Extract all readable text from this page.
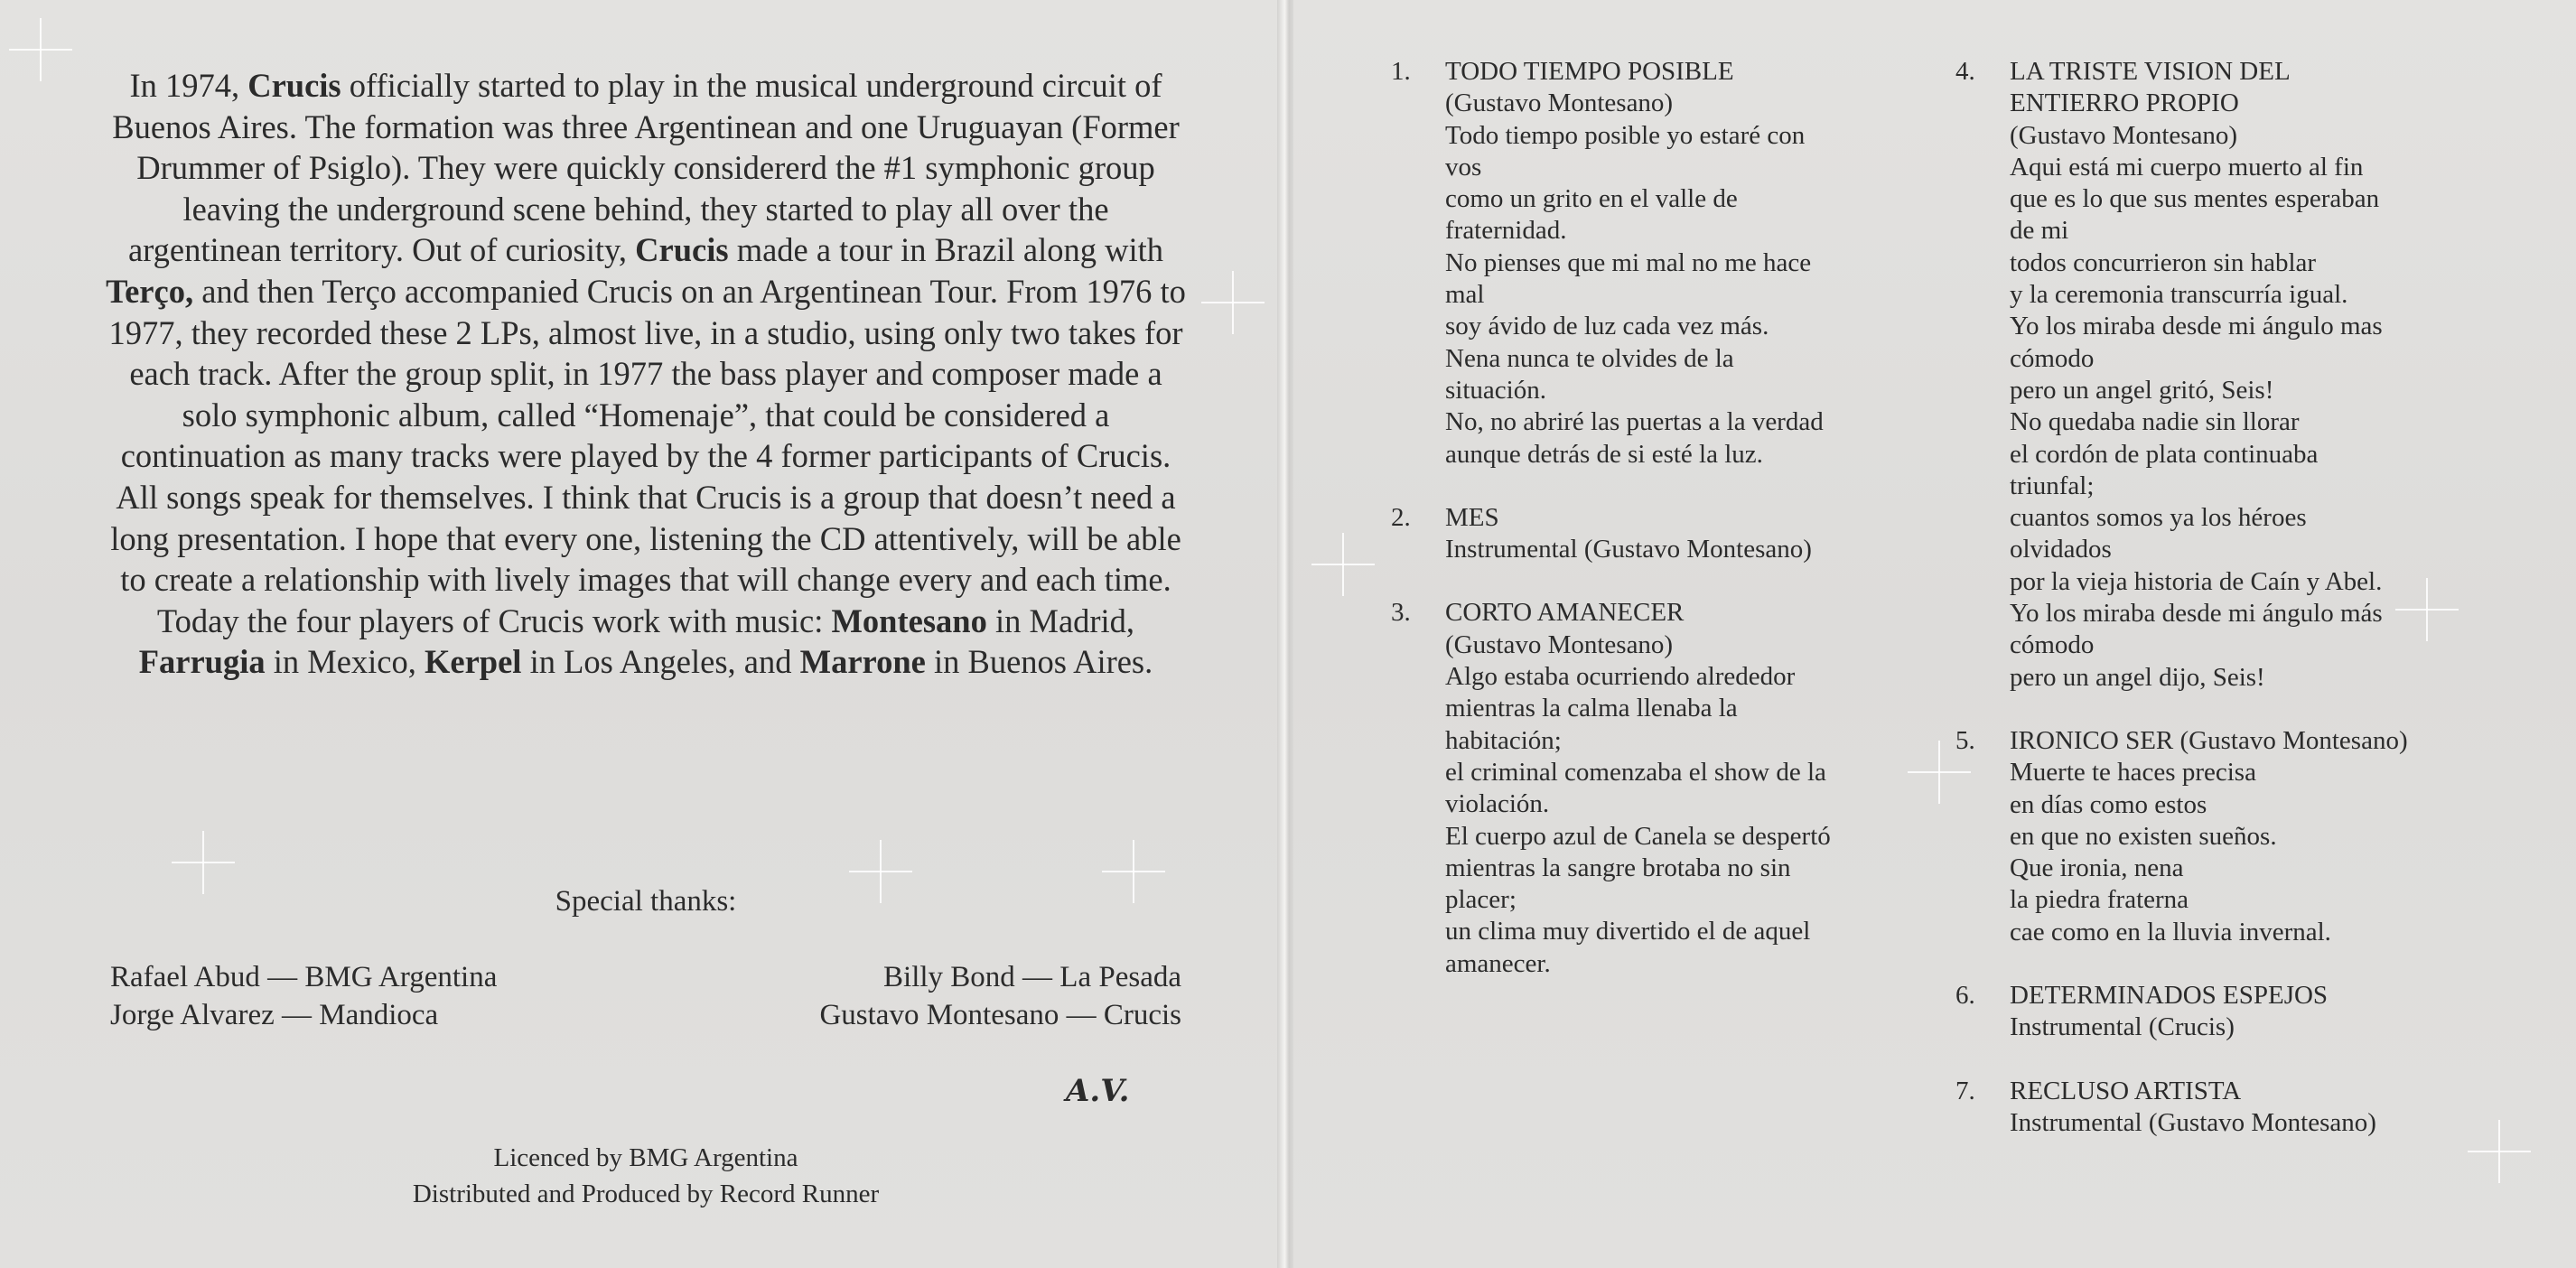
In 1974, Crucis officially started to play in the musical underground circuit of Buenos Aires. The formation was three Argentinean and one Uruguayan (Former Drummer of Psiglo). They were quickly considererd the #1 symphonic group leaving the underground scene behind, they started to play all over the argentinean territory. Out of curiosity, Crucis made a tour in Brazil along with Terço, and then Terço accompanied Crucis on an Argentinean Tour. From 1976 to 1977, they recorded these 2 LPs, almost live, in a studio, using only two takes for each track. After the group split, in 1977 the bass player and composer made a solo symphonic album, called “Homenaje”, that could be considered a continuation as many tracks were played by the 4 former participants of Crucis. All songs speak for themselves. I think that Crucis is a group that doesn’t need a long presentation. I hope that every one, listening the CD attentively, will be able to create a relationship with lively images that will change every and each time. Today the four players of Crucis work with music: Montesano in Madrid, Farrugia in Mexico, Kerpel in Los Angeles, and Marrone in Buenos Aires.
Special thanks:
Rafael Abud — BMG Argentina
Jorge Alvarez — Mandioca
Billy Bond — La Pesada
Gustavo Montesano — Crucis
A.V.
Licenced by BMG Argentina
Distributed and Produced by Record Runner
1.	TODO TIEMPO POSIBLE
(Gustavo Montesano)
Todo tiempo posible yo estaré con
vos
como un grito en el valle de
fraternidad.
No pienses que mi mal no me hace
mal
soy ávido de luz cada vez más.
Nena nunca te olvides de la
situación.
No, no abriré las puertas a la verdad
aunque detrás de si esté la luz.
2.	MES
Instrumental (Gustavo Montesano)
3.	CORTO AMANECER
(Gustavo Montesano)
Algo estaba ocurriendo alrededor
mientras la calma llenaba la
habitación;
el criminal comenzaba el show de la
violación.
El cuerpo azul de Canela se despertó
mientras la sangre brotaba no sin
placer;
un clima muy divertido el de aquel
amanecer.
4.	LA TRISTE VISION DEL
ENTIERRO PROPIO
(Gustavo Montesano)
Aqui está mi cuerpo muerto al fin
que es lo que sus mentes esperaban
de mi
todos concurrieron sin hablar
y la ceremonia transcurría igual.
Yo los miraba desde mi ángulo mas
cómodo
pero un angel gritó, Seis!
No quedaba nadie sin llorar
el cordón de plata continuaba
triunfal;
cuantos somos ya los héroes
olvidados
por la vieja historia de Caín y Abel.
Yo los miraba desde mi ángulo más
cómodo
pero un angel dijo, Seis!
5.	IRONICO SER (Gustavo Montesano)
Muerte te haces precisa
en días como estos
en que no existen sueños.
Que ironia, nena
la piedra fraterna
cae como en la lluvia invernal.
6.	DETERMINADOS ESPEJOS
Instrumental (Crucis)
7.	RECLUSO ARTISTA
Instrumental (Gustavo Montesano)
